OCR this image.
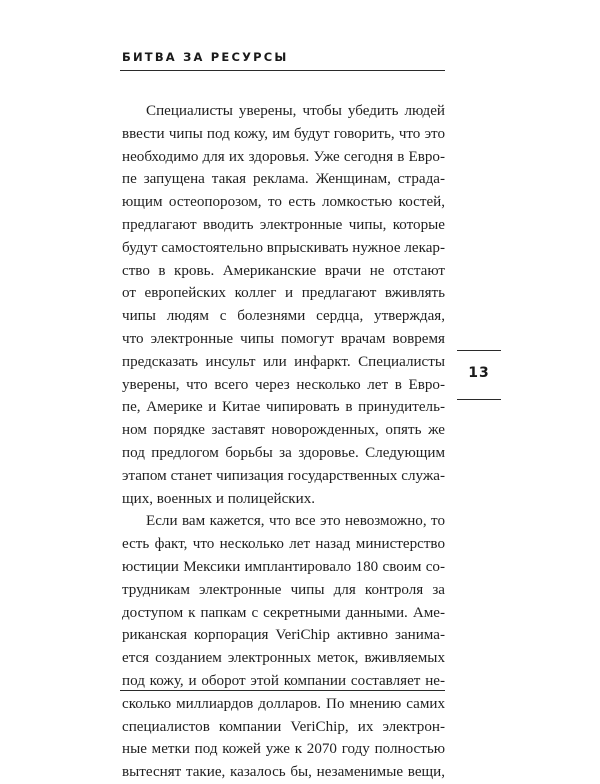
БИТВА ЗА РЕСУРСЫ
Специалисты уверены, чтобы убедить людей
ввести чипы под кожу, им будут говорить, что это
необходимо для их здоровья. Уже сегодня в Евро-
пе запущена такая реклама. Женщинам, страда-
ющим остеопорозом, то есть ломкостью костей,
предлагают вводить электронные чипы, которые
будут самостоятельно впрыскивать нужное лекар-
ство в кровь. Американские врачи не отстают
от европейских коллег и предлагают вживлять
чипы людям с болезнями сердца, утверждая,
что электронные чипы помогут врачам вовремя
предсказать инсульт или инфаркт. Специалисты
уверены, что всего через несколько лет в Евро-
пе, Америке и Китае чипировать в принудитель-
ном порядке заставят новорожденных, опять же
под предлогом борьбы за здоровье. Следующим
этапом станет чипизация государственных служа-
щих, военных и полицейских.
Если вам кажется, что все это невозможно, то
есть факт, что несколько лет назад министерство
юстиции Мексики имплантировало 180 своим со-
трудникам электронные чипы для контроля за
доступом к папкам с секретными данными. Аме-
риканская корпорация VeriChip активно занима-
ется созданием электронных меток, вживляемых
под кожу, и оборот этой компании составляет не-
сколько миллиардов долларов. По мнению самих
специалистов компании VeriChip, их электрон-
ные метки под кожей уже к 2070 году полностью
вытеснят такие, казалось бы, незаменимые вещи,
13
